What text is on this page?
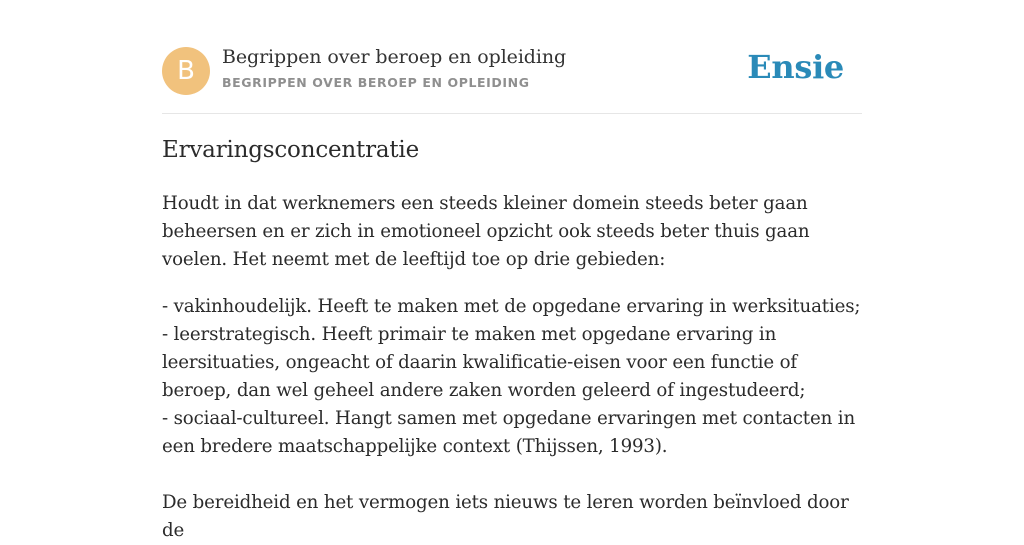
B	Begrippen over beroep en opleiding
BEGRIPPEN OVER BEROEP EN OPLEIDING	Ensie
Ervaringsconcentratie

Houdt in dat werknemers een steeds kleiner domein steeds beter gaan beheersen en er zich in emotioneel opzicht ook steeds beter thuis gaan voelen. Het neemt met de leeftijd toe op drie gebieden:

- vakinhoudelijk. Heeft te maken met de opgedane ervaring in werksituaties;
- leerstrategisch. Heeft primair te maken met opgedane ervaring in leersituaties, ongeacht of daarin kwalificatie-eisen voor een functie of beroep, dan wel geheel andere zaken worden geleerd of ingestudeerd;
- sociaal-cultureel. Hangt samen met opgedane ervaringen met contacten in een bredere maatschappelijke context (Thijssen, 1993).

De bereidheid en het vermogen iets nieuws te leren worden beïnvloed door de
